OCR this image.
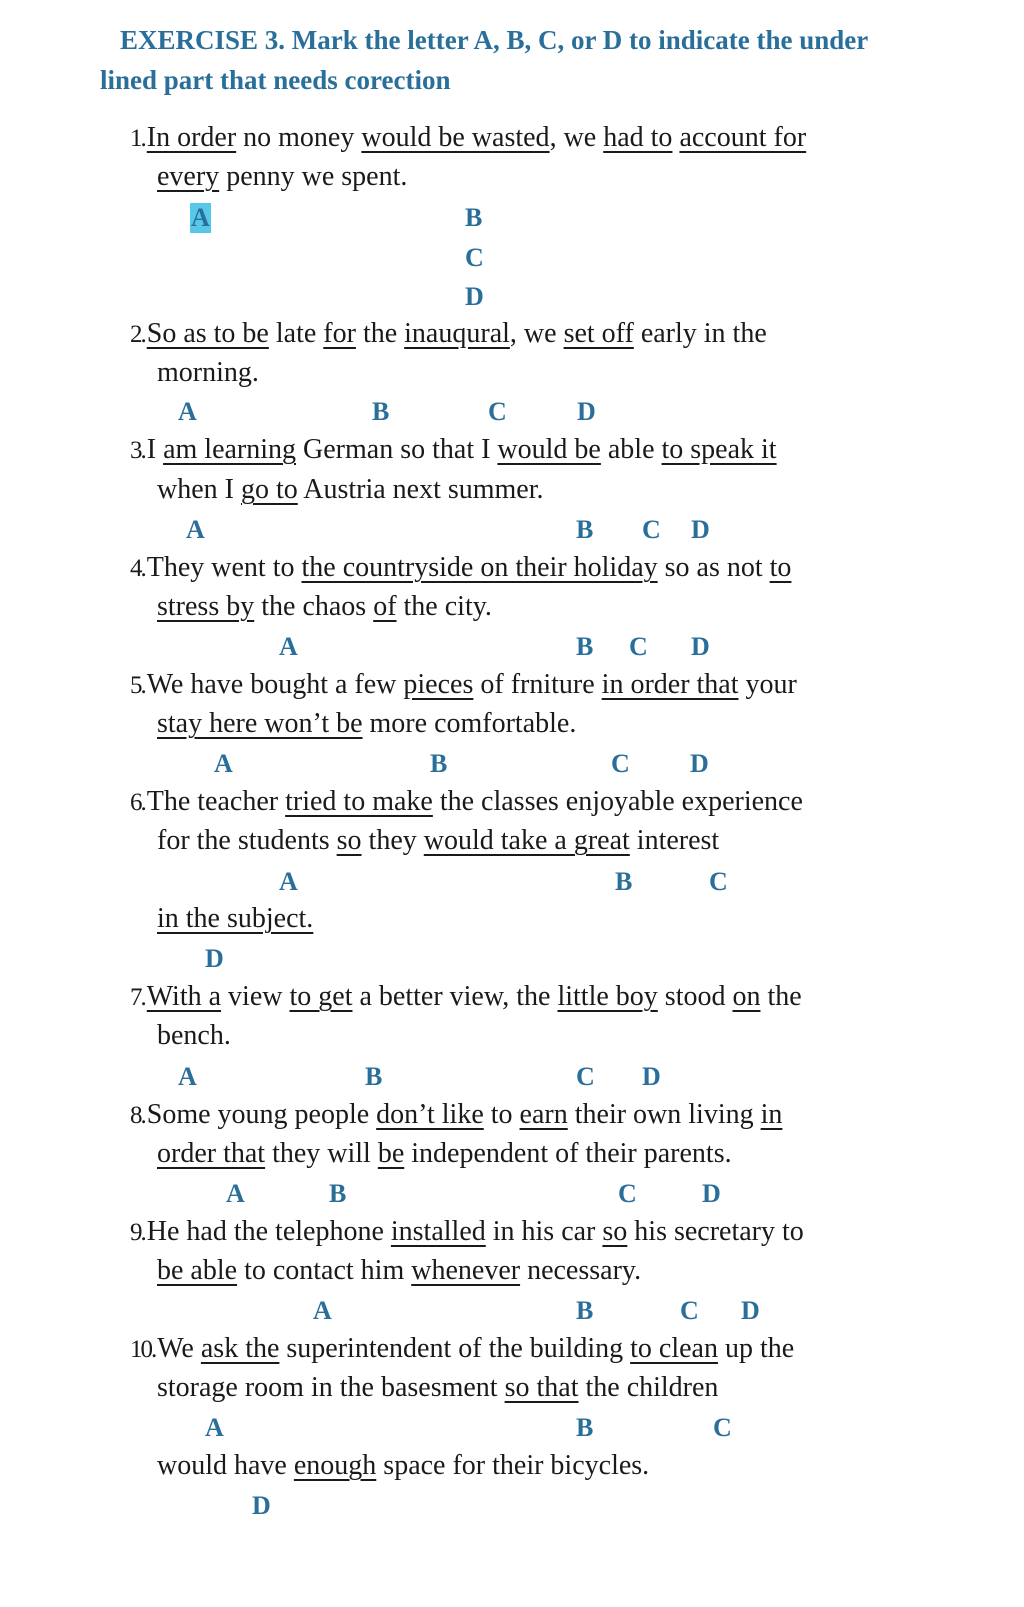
EXERCISE 3. Mark the letter A, B, C, or D to indicate the under lined part that needs corection
1.In order no money would be wasted, we had to account for
every penny we spent.
A	B
C
D
2.So as to be late for the inauqural, we set off early in the
morning.
A	B	C	D
3.I am learning German so that I would be able to speak it
when I go to Austria next summer.
A	B C D
4.They went to the countryside on their holiday so as not to
stress by the chaos of the city.
A	B C D
5.We have bought a few pieces of frniture in order that your
stay here won’t be more comfortable.
A	B	C D
6.The teacher tried to make the classes enjoyable experience
for the students so they would take a great interest
A	B	C
in the subject.
D
7.With a view to get a better view, the little boy stood on the
bench.
A	B	C D
8.Some young people don’t like to earn their own living in
order that they will be independent of their parents.
A	B	C	D
9.He had the telephone installed in his car so his secretary to
be able to contact him whenever necessary.
A	B	C D
10.We ask the superintendent of the building to clean up the
storage room in the basesment so that the children
A	B	C
would have enough space for their bicycles.
D
